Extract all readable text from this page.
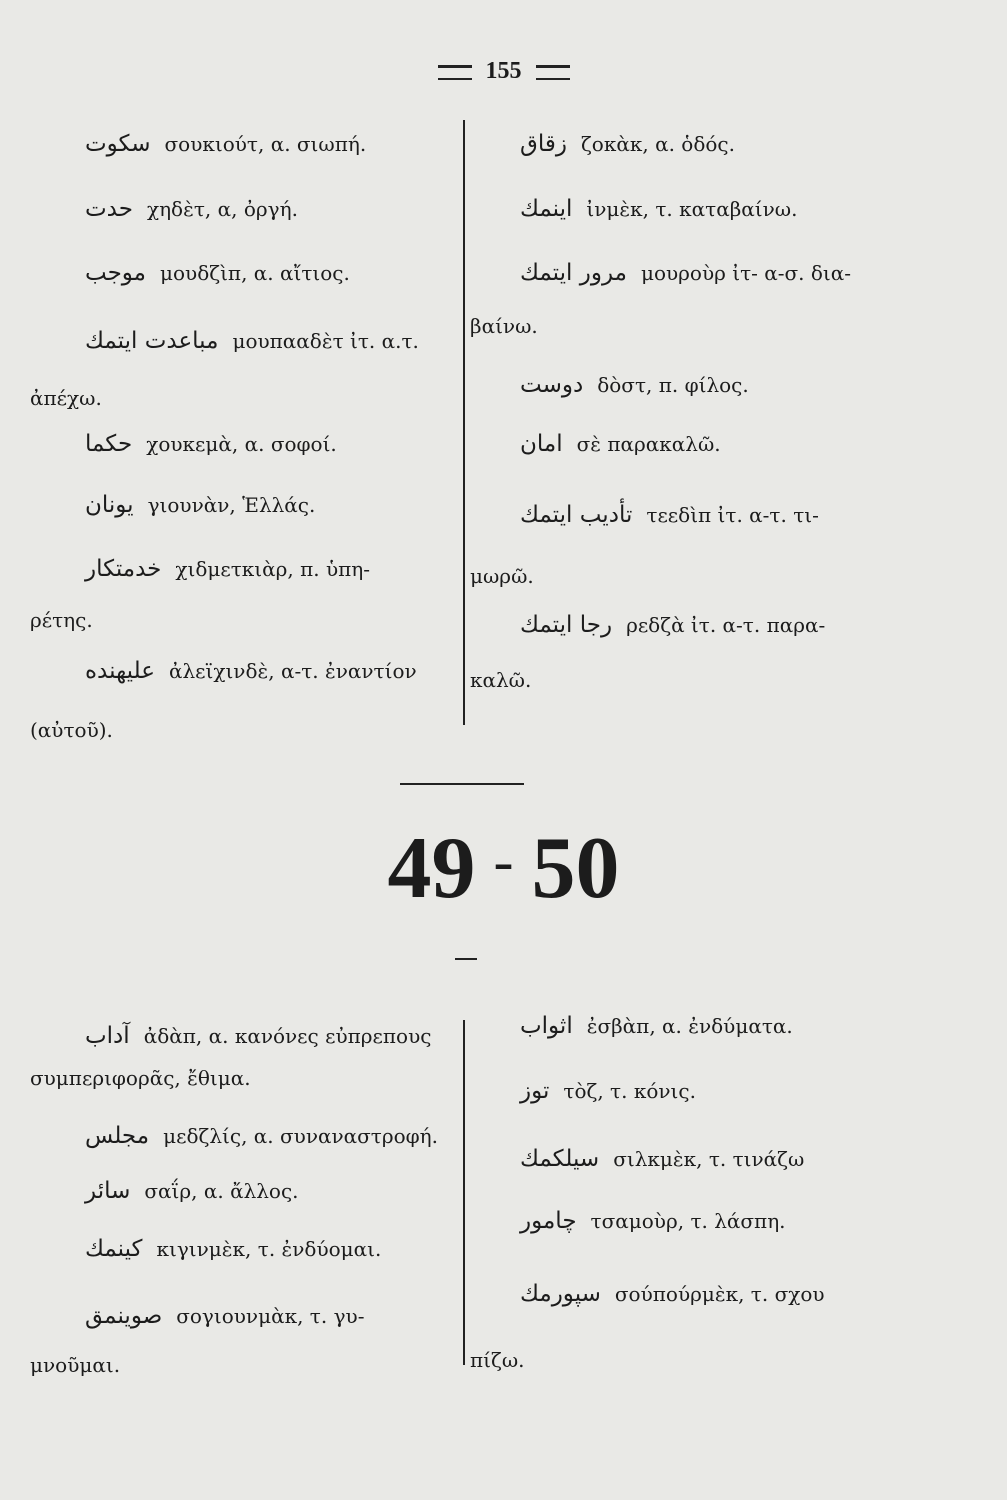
155
سكوت σουκιούτ, α. σιωπή.
حدت χηδὲτ, α, ὀργή.
موجب μουδζὶπ, α. αἴτιος.
مباعدت ايتمك μουπααδὲτ ἰτ. α.τ.
ἀπέχω.
حكما χουκεμὰ, α. σοφοί.
يونان γιουνὰν, Ἑλλάς.
خدمتكار χιδμετκιὰρ, π. ὑπη-
ρέτης.
عليهنده ἀλεϊχινδὲ, α-τ. ἐναντίον
(αὐτοῦ).
زقاق ζοκὰκ, α. ὁδός.
اينمك ἰνμὲκ, τ. καταβαίνω.
مرور ايتمك μουροὺρ ἰτ- α-σ. δια-
βαίνω.
دوست δὸστ, π. φίλος.
امان σὲ παρακαλῶ.
تأديب ايتمك τεεδὶπ ἰτ. α-τ. τι-
μωρῶ.
رجا ايتمك ρεδζὰ ἰτ. α-τ. παρα-
καλῶ.
49 - 50
آداب ἀδὰπ, α. κανόνες εὐπρεπους
συμπεριφορᾶς, ἔθιμα.
مجلس μεδζλίς, α. συναναστροφή.
سائر σαΐρ, α. ἄλλος.
كينمك κιγινμὲκ, τ. ἐνδύομαι.
صوينمق σογιουνμὰκ, τ. γυ-
μνοῦμαι.
اثواب ἐσβὰπ, α. ἐνδύματα.
توز τὸζ, τ. κόνις.
سيلكمك σιλκμὲκ, τ. τινάζω
چامور τσαμοὺρ, τ. λάσπη.
سپورمك σούπούρμὲκ, τ. σχου
πίζω.
